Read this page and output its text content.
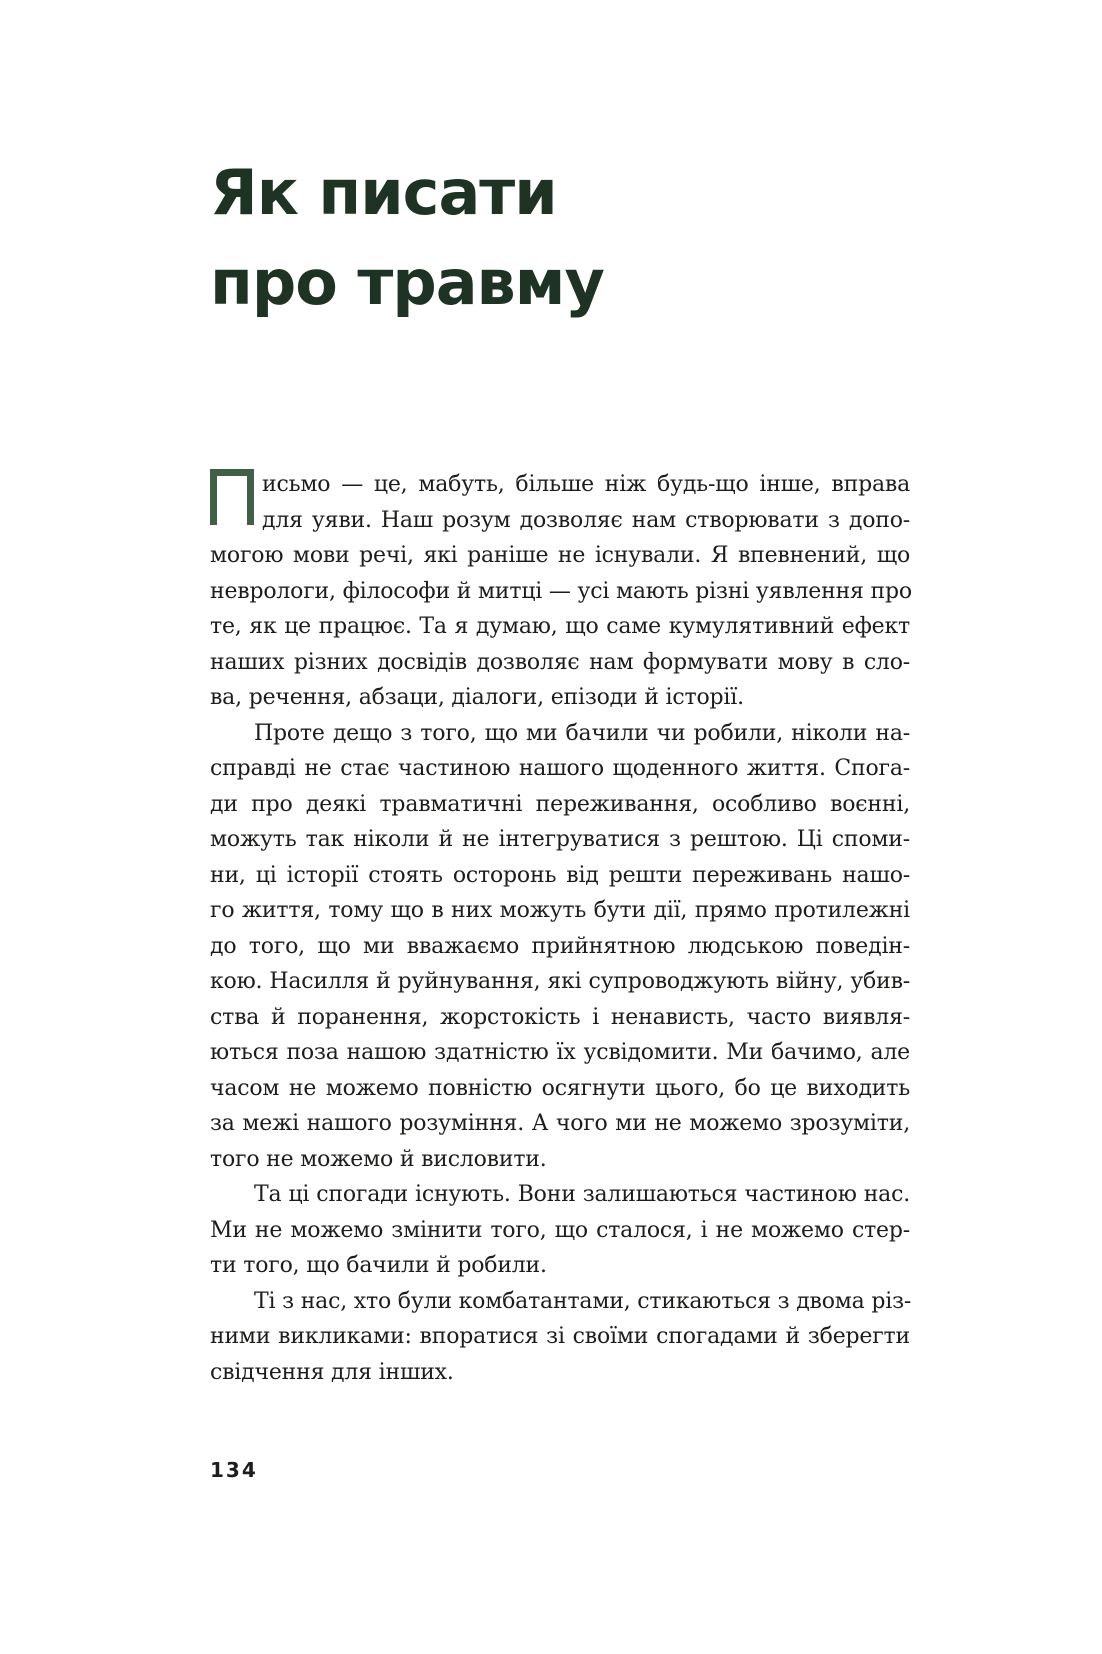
Як писати
про травму
исьмо — це, мабуть, більше ніж будь-що інше, вправа
для уяви. Наш розум дозволяє нам створювати з допо-
могою мови речі, які раніше не існували. Я впевнений, що
неврологи, філософи й митці — усі мають різні уявлення про
те, як це працює. Та я думаю, що саме кумулятивний ефект
наших різних досвідів дозволяє нам формувати мову в сло-
ва, речення, абзаци, діалоги, епізоди й історії.
Проте дещо з того, що ми бачили чи робили, ніколи на-
справді не стає частиною нашого щоденного життя. Спога-
ди про деякі травматичні переживання, особливо воєнні,
можуть так ніколи й не інтегруватися з рештою. Ці споми-
ни, ці історії стоять осторонь від решти переживань нашо-
го життя, тому що в них можуть бути дії, прямо протилежні
до того, що ми вважаємо прийнятною людською поведін-
кою. Насилля й руйнування, які супроводжують війну, убив-
ства й поранення, жорстокість і ненависть, часто виявля-
ються поза нашою здатністю їх усвідомити. Ми бачимо, але
часом не можемо повністю осягнути цього, бо це виходить
за межі нашого розуміння. А чого ми не можемо зрозуміти,
того не можемо й висловити.
Та ці спогади існують. Вони залишаються частиною нас.
Ми не можемо змінити того, що сталося, і не можемо стер-
ти того, що бачили й робили.
Ті з нас, хто були комбатантами, стикаються з двома різ-
ними викликами: впоратися зі своїми спогадами й зберегти
свідчення для інших.
134
